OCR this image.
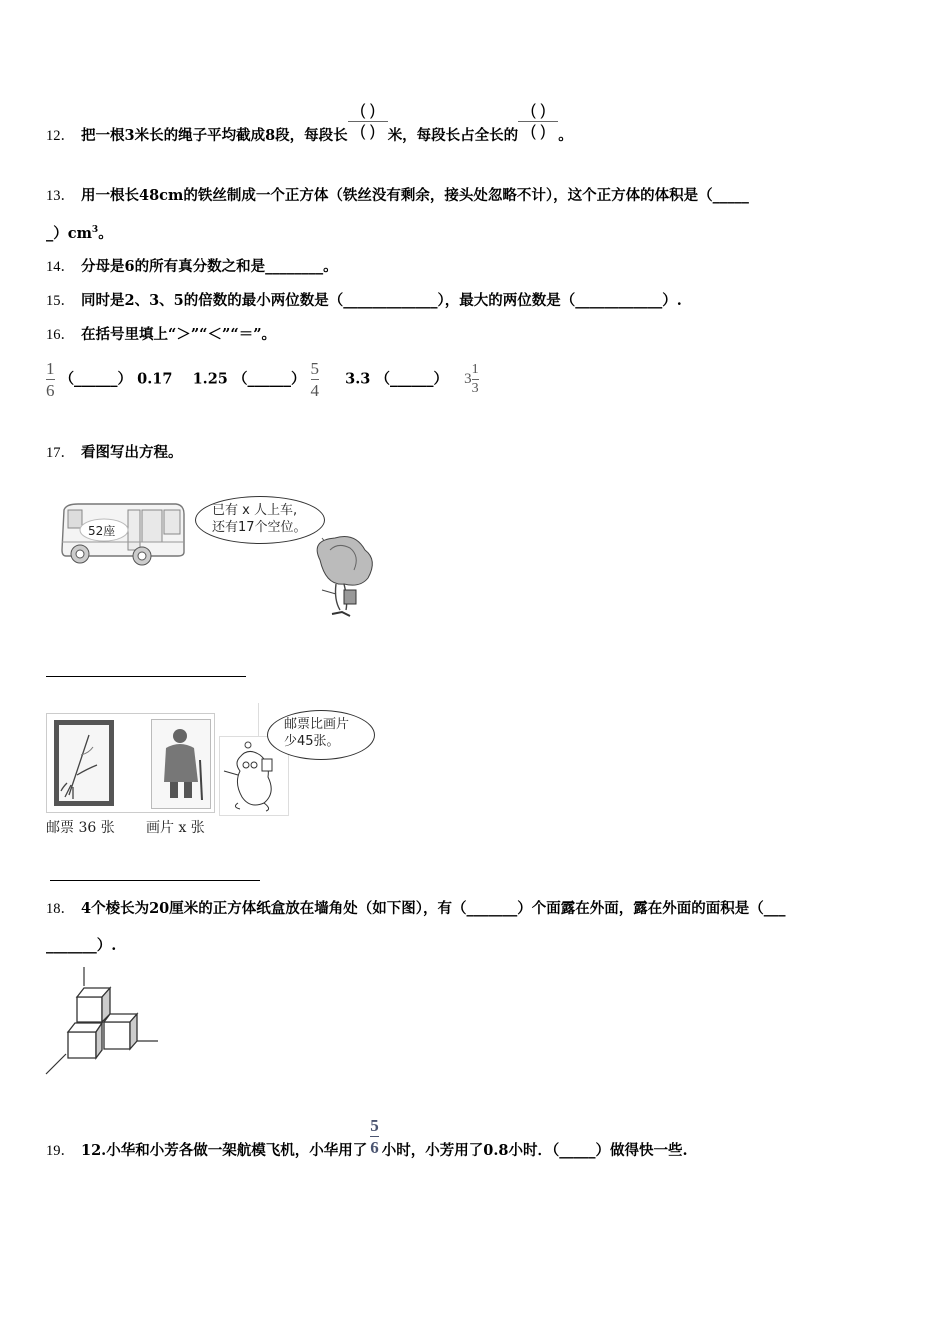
12． 把一根3米长的绳子平均截成8段，每段长 $\frac{( )}{( )}$ 米，每段长占全长的 $\frac{( )}{( )}$ 。
13． 用一根长48cm的铁丝制成一个正方体（铁丝没有剩余，接头处忽略不计），这个正方体的体积是（_____
$\_)cm^3$。
14． 分母是6的所有真分数之和是________。
15． 同时是2、3、5的倍数的最小两位数是（_____________），最大的两位数是（____________）.
16． 在括号里填上“＞”“＜”“＝”。
$\frac{1}{6}$ （______） 0.17 1.25 （______） $\frac{5}{4} 3.3$ （______） $3 \frac{1}{3}$
17． 看图写出方程。
52座
已有 x 人上车,
还有17个空位。
邮票 36 张 画片 x 张
邮票比画片
少45张。
18． 4个棱长为20厘米的正方体纸盒放在墙角处（如下图），有（_______）个面露在外面，露在外面的面积是（___
_______）.
19． 12.小华和小芳各做一架航模飞机，小华用了 $\frac{5}{6}$ 小时，小芳用了0.8小时．（_____）做得快一些.
